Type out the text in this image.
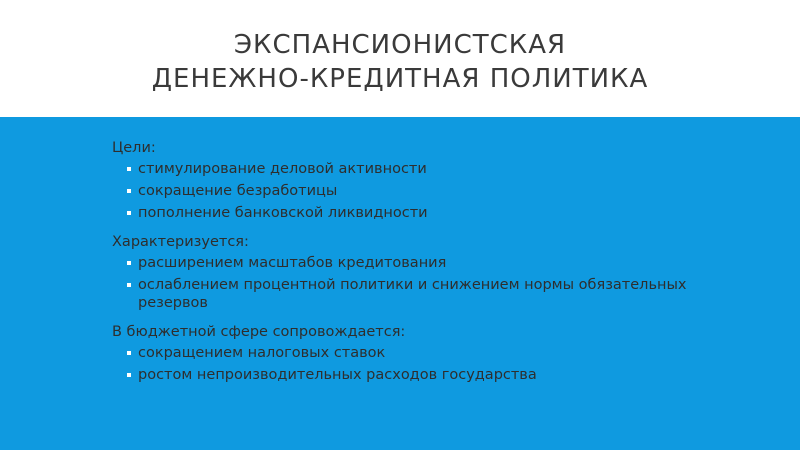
ЭКСПАНСИОНИСТСКАЯ
ДЕНЕЖНО-КРЕДИТНАЯ ПОЛИТИКА
Цели:
стимулирование деловой активности
сокращение безработицы
пополнение банковской ликвидности
Характеризуется:
расширением масштабов кредитования
ослаблением процентной политики и снижением нормы обязательных резервов
В бюджетной сфере сопровождается:
сокращением налоговых ставок
ростом непроизводительных расходов государства
